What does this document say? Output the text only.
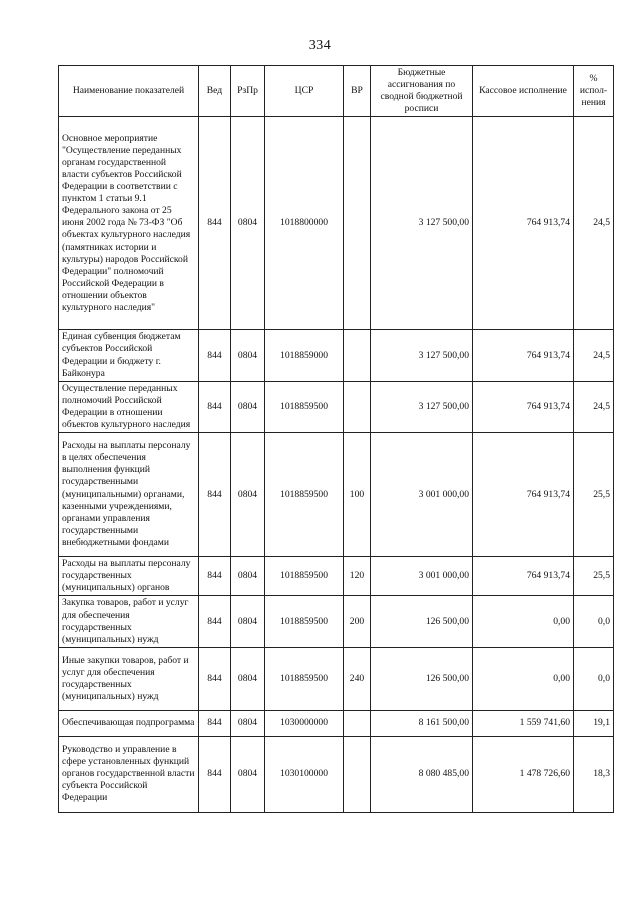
334
Наименование показателей	Вед	РзПр	ЦСР	ВР	Бюджетные ассигнования по сводной бюджетной росписи	Кассовое исполнение	% испол-нения
Основное мероприятие "Осуществление переданных органам государственной власти субъектов Российской Федерации в соответствии с пунктом 1 статьи 9.1 Федерального закона от 25 июня 2002 года № 73-ФЗ "Об объектах культурного наследия (памятниках истории и культуры) народов Российской Федерации" полномочий Российской Федерации в отношении объектов культурного наследия"	844	0804	1018800000		3 127 500,00	764 913,74	24,5
Единая субвенция бюджетам субъектов Российской Федерации и бюджету г. Байконура	844	0804	1018859000		3 127 500,00	764 913,74	24,5
Осуществление переданных полномочий Российской Федерации в отношении объектов культурного наследия	844	0804	1018859500		3 127 500,00	764 913,74	24,5
Расходы на выплаты персоналу в целях обеспечения выполнения функций государственными (муниципальными) органами, казенными учреждениями, органами управления государственными внебюджетными фондами	844	0804	1018859500	100	3 001 000,00	764 913,74	25,5
Расходы на выплаты персоналу государственных (муниципальных) органов	844	0804	1018859500	120	3 001 000,00	764 913,74	25,5
Закупка товаров, работ и услуг для обеспечения государственных (муниципальных) нужд	844	0804	1018859500	200	126 500,00	0,00	0,0
Иные закупки товаров, работ и услуг для обеспечения государственных (муниципальных) нужд	844	0804	1018859500	240	126 500,00	0,00	0,0
Обеспечивающая подпрограмма	844	0804	1030000000		8 161 500,00	1 559 741,60	19,1
Руководство и управление в сфере установленных функций органов государственной власти субъекта Российской Федерации	844	0804	1030100000		8 080 485,00	1 478 726,60	18,3
